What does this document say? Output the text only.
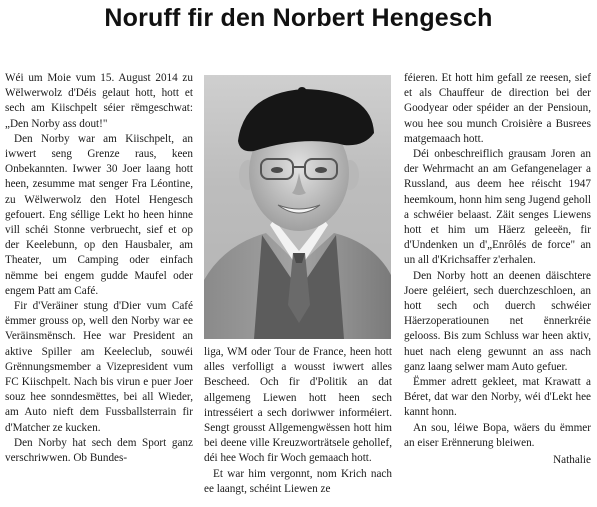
Noruff fir den Norbert Hengesch

Wéi um Moie vum 15. August 2014 zu Wëlwerwolz d'Déis gelaut hott, hott et sech am Kiischpelt séier rëmgeschwat: „Den Norby ass dout!"

Den Norby war am Kiischpelt, an iwwert seng Grenze raus, keen Onbekannten. Iwwer 30 Joer laang hott heen, zesumme mat senger Fra Léontine, zu Wëlwerwolz den Hotel Hengesch gefouert. Eng séllige Lekt ho heen hinne vill schéi Stonne verbruecht, sief et op der Keelebunn, op den Hausbaler, am Theater, um Camping oder einfach nëmme bei engem gudde Maufel oder engem Patt am Café.

Fir d'Veräiner stung d'Dier vum Café ëmmer grouss op, well den Norby war ee Veräinsmënsch. Hee war President an aktive Spiller am Keeleclub, souwéi Grënnungsmember a Vizepresident vum FC Kiischpelt. Nach bis virun e puer Joer souz hee sonndesmëttes, bei all Wieder, am Auto nieft dem Fussballsterrain fir d'Matcher ze kucken.

Den Norby hat sech dem Sport ganz verschriwwen. Ob Bundes-

liga, WM oder Tour de France, heen hott alles verfolligt a wousst iwwert alles Bescheed. Och fir d'Politik an dat allgemeng Liewen hott heen sech intresséiert a sech doriwwer informéiert. Sengt grousst Allgemengwëssen hott him bei deene ville Kreuzworträtsele gehollef, déi hee Woch fir Woch gemaach hott.

Et war him vergonnt, nom Krich nach ee laangt, schéint Liewen ze

féieren. Et hott him gefall ze reesen, sief et als Chauffeur de direction bei der Goodyear oder spéider an der Pensioun, wou hee sou munch Croisière a Busrees matgemaach hott.

Déi onbeschreiflich grausam Joren an der Wehrmacht an am Gefangenelager a Russland, aus deem hee réischt 1947 heemkoum, honn him seng Jugend geholl a schwéier belaast. Zäit senges Liewens hott et him um Häerz geleeën, fir d'Undenken un d'„Enrôlés de force" an un all d'Krichsaffer z'erhalen.

Den Norby hott an deenen däischtere Joere geléiert, sech duerchzeschloen, an hott sech och duerch schwéier Häerzoperatiounen net ënnerkréie gelooss. Bis zum Schluss war heen aktiv, huet nach eleng gewunnt an ass nach ganz laang selwer mam Auto gefuer.

Ëmmer adrett gekleet, mat Krawatt a Béret, dat war den Norby, wéi d'Lekt hee kannt honn.

An sou, léiwe Bopa, wäers du ëmmer an eiser Erënnerung bleiwen.

Nathalie
